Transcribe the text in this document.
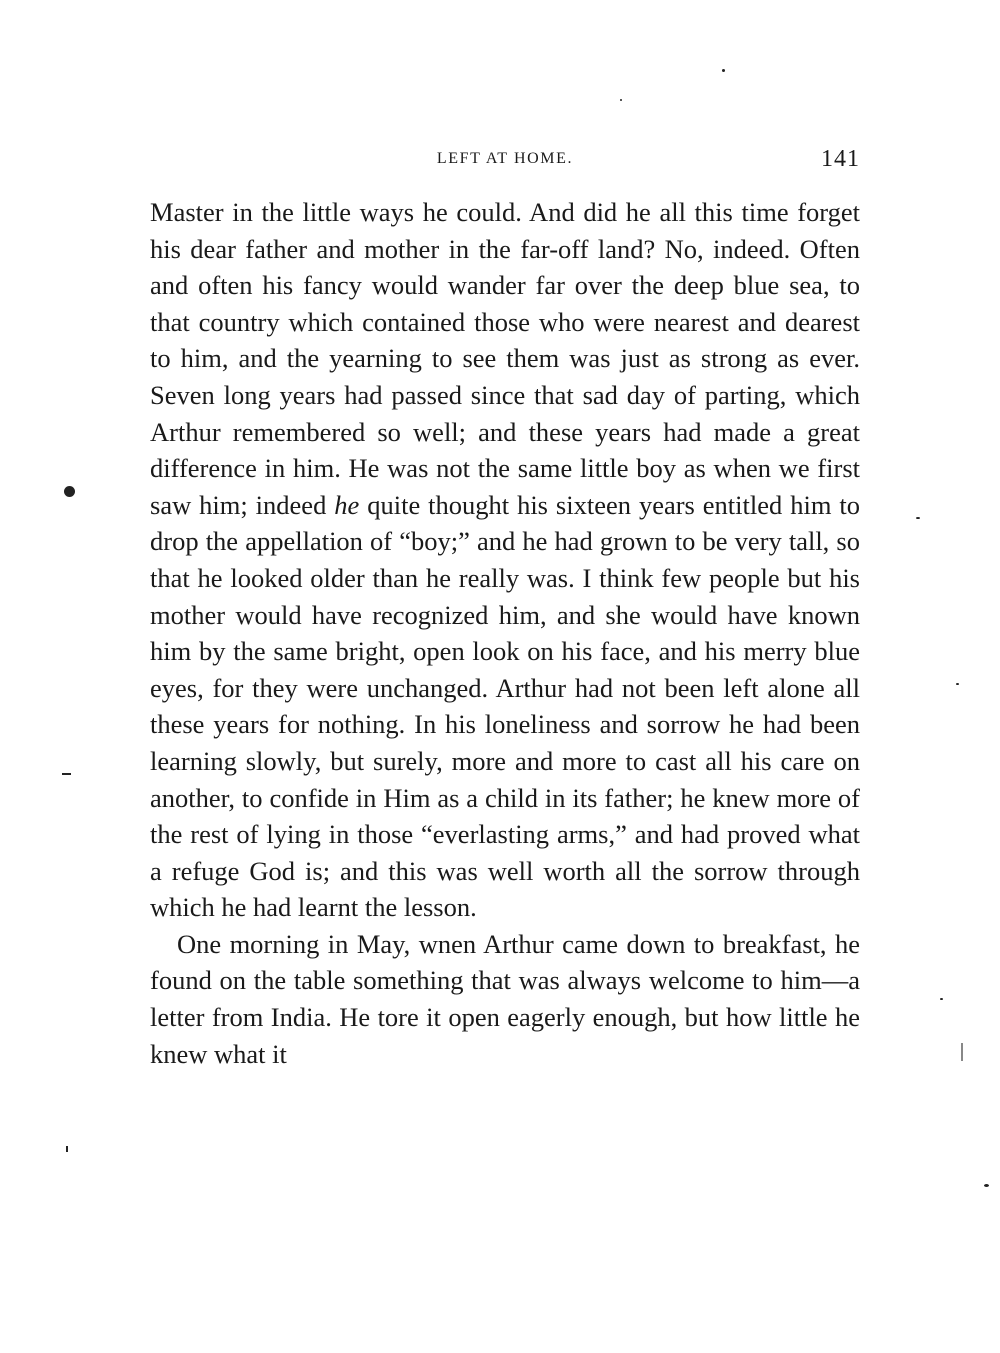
LEFT AT HOME.	141

Master in the little ways he could. And did he all this time forget his dear father and mother in the far-off land? No, indeed. Often and often his fancy would wander far over the deep blue sea, to that country which contained those who were nearest and dearest to him, and the yearning to see them was just as strong as ever. Seven long years had passed since that sad day of parting, which Arthur remembered so well; and these years had made a great difference in him. He was not the same little boy as when we first saw him; indeed he quite thought his sixteen years entitled him to drop the appellation of “boy;” and he had grown to be very tall, so that he looked older than he really was. I think few people but his mother would have recognized him, and she would have known him by the same bright, open look on his face, and his merry blue eyes, for they were unchanged. Arthur had not been left alone all these years for nothing. In his loneliness and sorrow he had been learning slowly, but surely, more and more to cast all his care on another, to confide in Him as a child in its father; he knew more of the rest of lying in those “everlasting arms,” and had proved what a refuge God is; and this was well worth all the sorrow through which he had learnt the lesson.

One morning in May, wnen Arthur came down to breakfast, he found on the table something that was always welcome to him—a letter from India. He tore it open eagerly enough, but how little he knew what it
